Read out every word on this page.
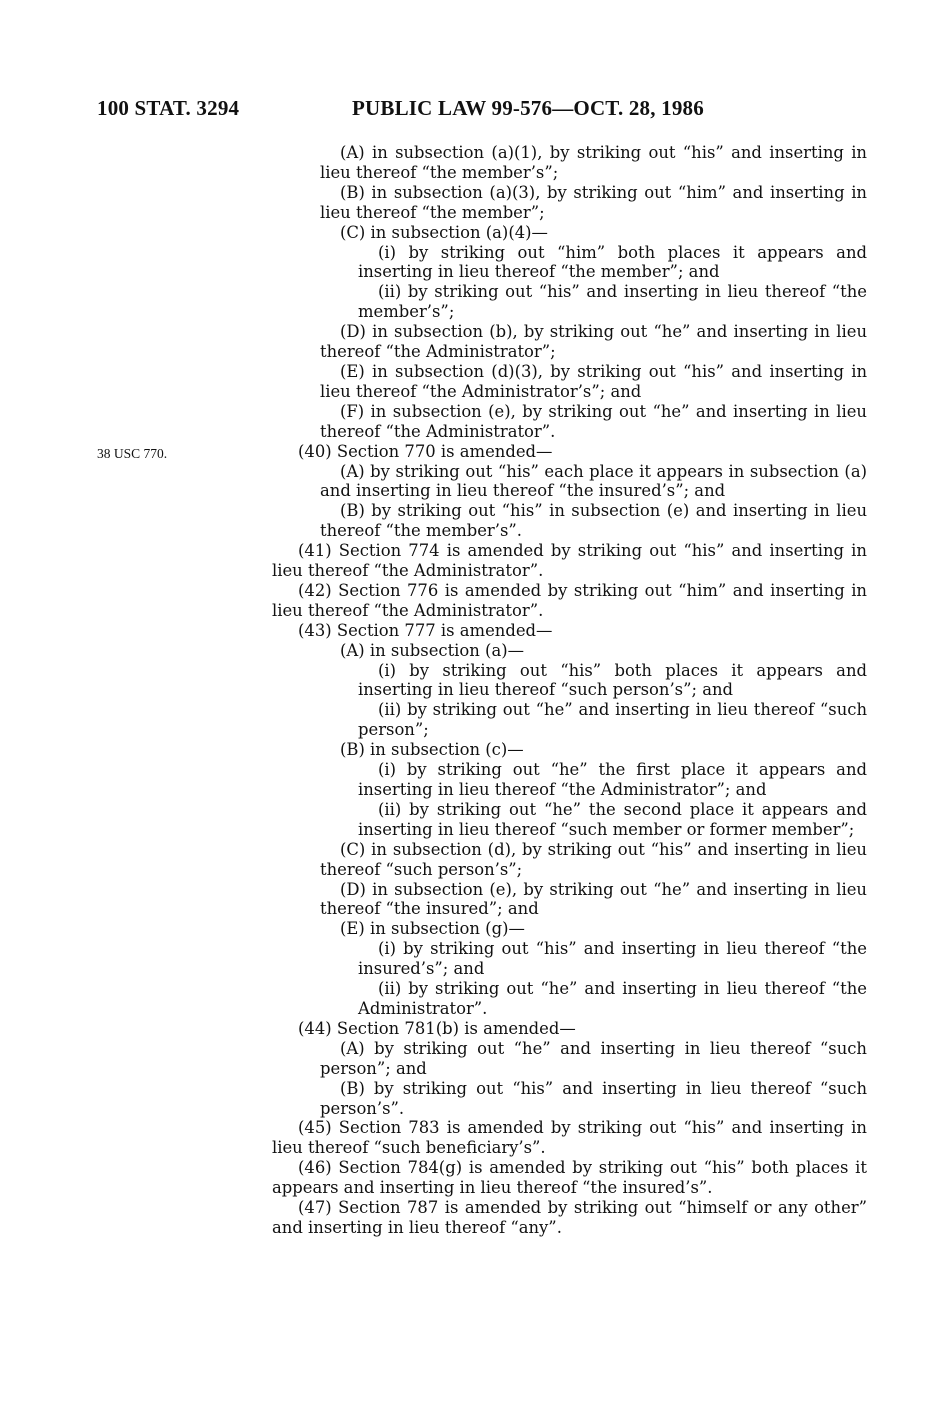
100 STAT. 3294	PUBLIC LAW 99-576—OCT. 28, 1986
38 USC 770.
(A) in subsection (a)(1), by striking out “his” and inserting in lieu thereof “the member’s”;
(B) in subsection (a)(3), by striking out “him” and inserting in lieu thereof “the member”;
(C) in subsection (a)(4)—
(i) by striking out “him” both places it appears and inserting in lieu thereof “the member”; and
(ii) by striking out “his” and inserting in lieu thereof “the member’s”;
(D) in subsection (b), by striking out “he” and inserting in lieu thereof “the Administrator”;
(E) in subsection (d)(3), by striking out “his” and inserting in lieu thereof “the Administrator’s”; and
(F) in subsection (e), by striking out “he” and inserting in lieu thereof “the Administrator”.
(40) Section 770 is amended—
(A) by striking out “his” each place it appears in subsection (a) and inserting in lieu thereof “the insured’s”; and
(B) by striking out “his” in subsection (e) and inserting in lieu thereof “the member’s”.
(41) Section 774 is amended by striking out “his” and inserting in lieu thereof “the Administrator”.
(42) Section 776 is amended by striking out “him” and inserting in lieu thereof “the Administrator”.
(43) Section 777 is amended—
(A) in subsection (a)—
(i) by striking out “his” both places it appears and inserting in lieu thereof “such person’s”; and
(ii) by striking out “he” and inserting in lieu thereof “such person”;
(B) in subsection (c)—
(i) by striking out “he” the first place it appears and inserting in lieu thereof “the Administrator”; and
(ii) by striking out “he” the second place it appears and inserting in lieu thereof “such member or former member”;
(C) in subsection (d), by striking out “his” and inserting in lieu thereof “such person’s”;
(D) in subsection (e), by striking out “he” and inserting in lieu thereof “the insured”; and
(E) in subsection (g)—
(i) by striking out “his” and inserting in lieu thereof “the insured’s”; and
(ii) by striking out “he” and inserting in lieu thereof “the Administrator”.
(44) Section 781(b) is amended—
(A) by striking out “he” and inserting in lieu thereof “such person”; and
(B) by striking out “his” and inserting in lieu thereof “such person’s”.
(45) Section 783 is amended by striking out “his” and inserting in lieu thereof “such beneficiary’s”.
(46) Section 784(g) is amended by striking out “his” both places it appears and inserting in lieu thereof “the insured’s”.
(47) Section 787 is amended by striking out “himself or any other” and inserting in lieu thereof “any”.
